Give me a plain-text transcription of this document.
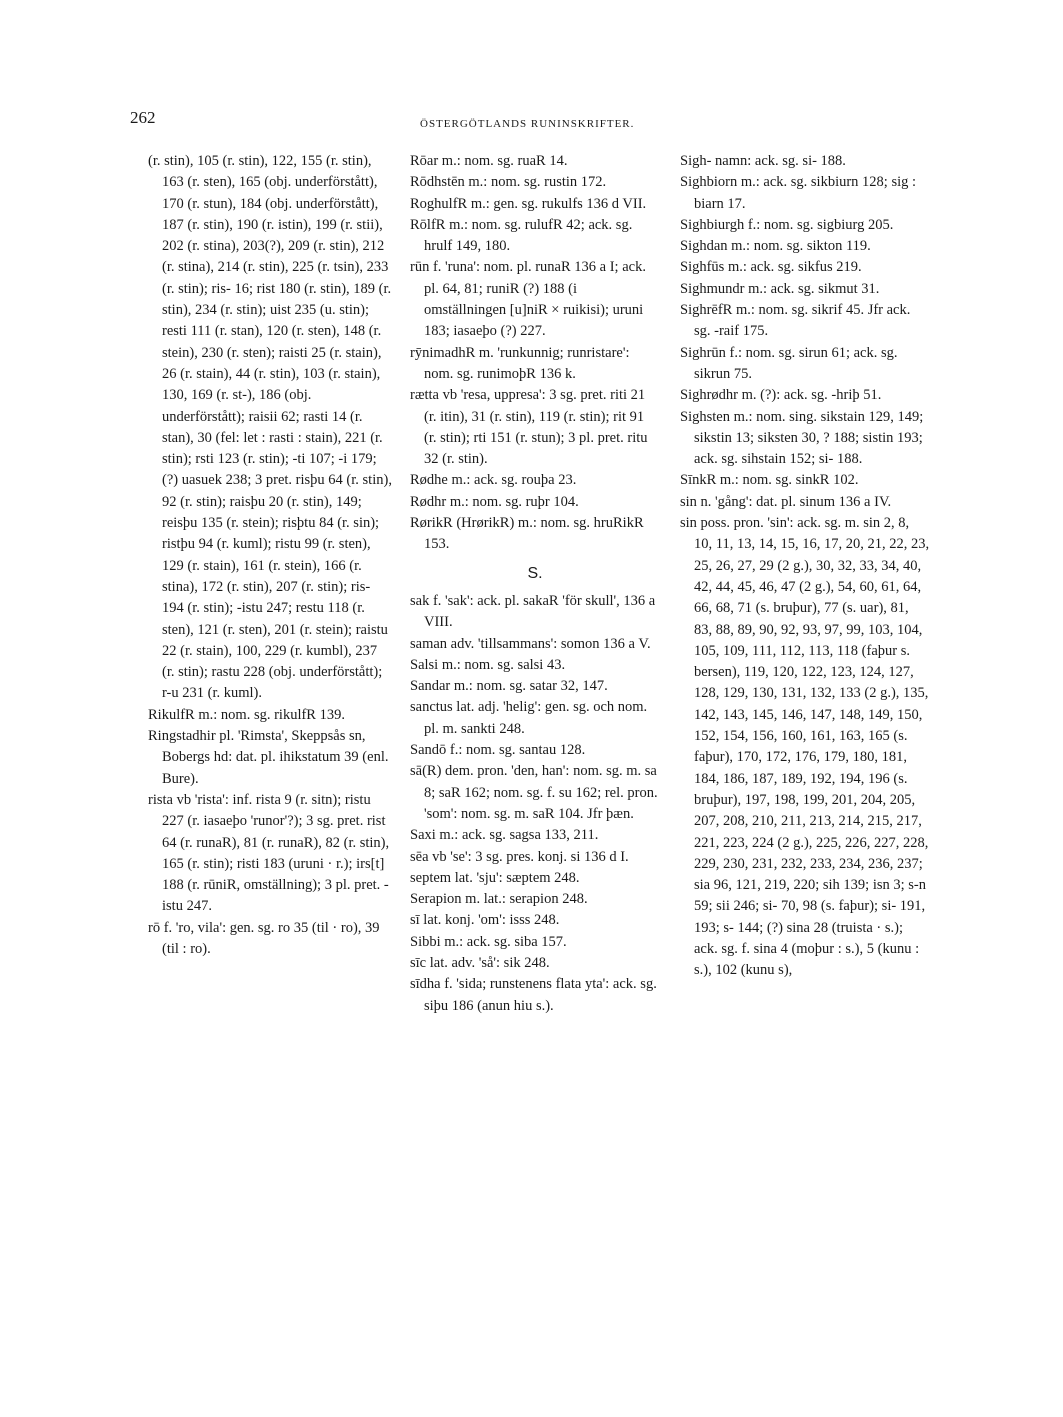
262	ÖSTERGÖTLANDS RUNINSKRIFTER.

(r. stin), 105 (r. stin), 122, 155 (r. stin), 163 (r. sten), 165 (obj. underförstått), 170 (r. stun), 184 (obj. underförstått), 187 (r. stin), 190 (r. istin), 199 (r. stii), 202 (r. stina), 203(?), 209 (r. stin), 212 (r. stina), 214 (r. stin), 225 (r. tsin), 233 (r. stin); ris- 16; rist 180 (r. stin), 189 (r. stin), 234 (r. stin); uist 235 (u. stin); resti 111 (r. stan), 120 (r. sten), 148 (r. stein), 230 (r. sten); raisti 25 (r. stain), 26 (r. stain), 44 (r. stin), 103 (r. stain), 130, 169 (r. st-), 186 (obj. underförstått); raisii 62; rasti 14 (r. stan), 30 (fel: let : rasti : stain), 221 (r. stin); rsti 123 (r. stin); -ti 107; -i 179; (?) uasuek 238; 3 pret. risþu 64 (r. stin), 92 (r. stin); raisþu 20 (r. stin), 149; reisþu 135 (r. stein); risþtu 84 (r. sin); ristþu 94 (r. kuml); ristu 99 (r. sten), 129 (r. stain), 161 (r. stein), 166 (r. stina), 172 (r. stin), 207 (r. stin); ris- 194 (r. stin); -istu 247; restu 118 (r. sten), 121 (r. sten), 201 (r. stein); raistu 22 (r. stain), 100, 229 (r. kumbl), 237 (r. stin); rastu 228 (obj. underförstått); r-u 231 (r. kuml).

RikulfR m.: nom. sg. rikulfR 139.

Ringstadhir pl. 'Rimsta', Skeppsås sn, Bobergs hd: dat. pl. ihikstatum 39 (enl. Bure).

rista vb 'rista': inf. rista 9 (r. sitn); ristu 227 (r. iasaeþo 'runor'?); 3 sg. pret. rist 64 (r. runaR), 81 (r. runaR), 82 (r. stin), 165 (r. stin); risti 183 (uruni · r.); irs[t] 188 (r. rūniR, omställning); 3 pl. pret. -istu 247.

rō f. 'ro, vila': gen. sg. ro 35 (til · ro), 39 (til : ro).

Rōar m.: nom. sg. ruaR 14.

Rōdhstēn m.: nom. sg. rustin 172.

RoghulfR m.: gen. sg. rukulfs 136 d VII.

RōlfR m.: nom. sg. rulufR 42; ack. sg. hrulf 149, 180.

rūn f. 'runa': nom. pl. runaR 136 a I; ack. pl. 64, 81; runiR (?) 188 (i omställningen [u]niR × ruikisi); uruni 183; iasaeþo (?) 227.

rȳnimadhR m. 'runkunnig; runristare': nom. sg. runimoþR 136 k.

rætta vb 'resa, uppresa': 3 sg. pret. riti 21 (r. itin), 31 (r. stin), 119 (r. stin); rit 91 (r. stin); rti 151 (r. stun); 3 pl. pret. ritu 32 (r. stin).

Rødhe m.: ack. sg. rouþa 23.

Rødhr m.: nom. sg. ruþr 104.

RørikR (HrørikR) m.: nom. sg. hruRikR 153.

S.

sak f. 'sak': ack. pl. sakaR 'för skull', 136 a VIII.

saman adv. 'tillsammans': somon 136 a V.

Salsi m.: nom. sg. salsi 43.

Sandar m.: nom. sg. satar 32, 147.

sanctus lat. adj. 'helig': gen. sg. och nom. pl. m. sankti 248.

Sandō f.: nom. sg. santau 128.

sā(R) dem. pron. 'den, han': nom. sg. m. sa 8; saR 162; nom. sg. f. su 162; rel. pron. 'som': nom. sg. m. saR 104. Jfr þæn.

Saxi m.: ack. sg. sagsa 133, 211.

sēa vb 'se': 3 sg. pres. konj. si 136 d I.

septem lat. 'sju': sæptem 248.

Serapion m. lat.: serapion 248.

sī lat. konj. 'om': isss 248.

Sibbi m.: ack. sg. siba 157.

sīc lat. adv. 'så': sik 248.

sīdha f. 'sida; runstenens flata yta': ack. sg. siþu 186 (anun hiu s.).

Sigh- namn: ack. sg. si- 188.

Sighbiorn m.: ack. sg. sikbiurn 128; sig : biarn 17.

Sighbiurgh f.: nom. sg. sigbiurg 205.

Sighdan m.: nom. sg. sikton 119.

Sighfūs m.: ack. sg. sikfus 219.

Sighmundr m.: ack. sg. sikmut 31.

SighrēfR m.: nom. sg. sikrif 45. Jfr ack. sg. -raif 175.

Sighrūn f.: nom. sg. sirun 61; ack. sg. sikrun 75.

Sighrødhr m. (?): ack. sg. -hriþ 51.

Sighsten m.: nom. sing. sikstain 129, 149; sikstin 13; siksten 30, ? 188; sistin 193; ack. sg. sihstain 152; si- 188.

SīnkR m.: nom. sg. sinkR 102.

sin n. 'gång': dat. pl. sinum 136 a IV.

sin poss. pron. 'sin': ack. sg. m. sin 2, 8, 10, 11, 13, 14, 15, 16, 17, 20, 21, 22, 23, 25, 26, 27, 29 (2 g.), 30, 32, 33, 34, 40, 42, 44, 45, 46, 47 (2 g.), 54, 60, 61, 64, 66, 68, 71 (s. bruþur), 77 (s. uar), 81, 83, 88, 89, 90, 92, 93, 97, 99, 103, 104, 105, 109, 111, 112, 113, 118 (faþur s. bersen), 119, 120, 122, 123, 124, 127, 128, 129, 130, 131, 132, 133 (2 g.), 135, 142, 143, 145, 146, 147, 148, 149, 150, 152, 154, 156, 160, 161, 163, 165 (s. faþur), 170, 172, 176, 179, 180, 181, 184, 186, 187, 189, 192, 194, 196 (s. bruþur), 197, 198, 199, 201, 204, 205, 207, 208, 210, 211, 213, 214, 215, 217, 221, 223, 224 (2 g.), 225, 226, 227, 228, 229, 230, 231, 232, 233, 234, 236, 237; sia 96, 121, 219, 220; sih 139; isn 3; s-n 59; sii 246; si- 70, 98 (s. faþur); si- 191, 193; s- 144; (?) sina 28 (truista · s.); ack. sg. f. sina 4 (moþur : s.), 5 (kunu : s.), 102 (kunu s),
